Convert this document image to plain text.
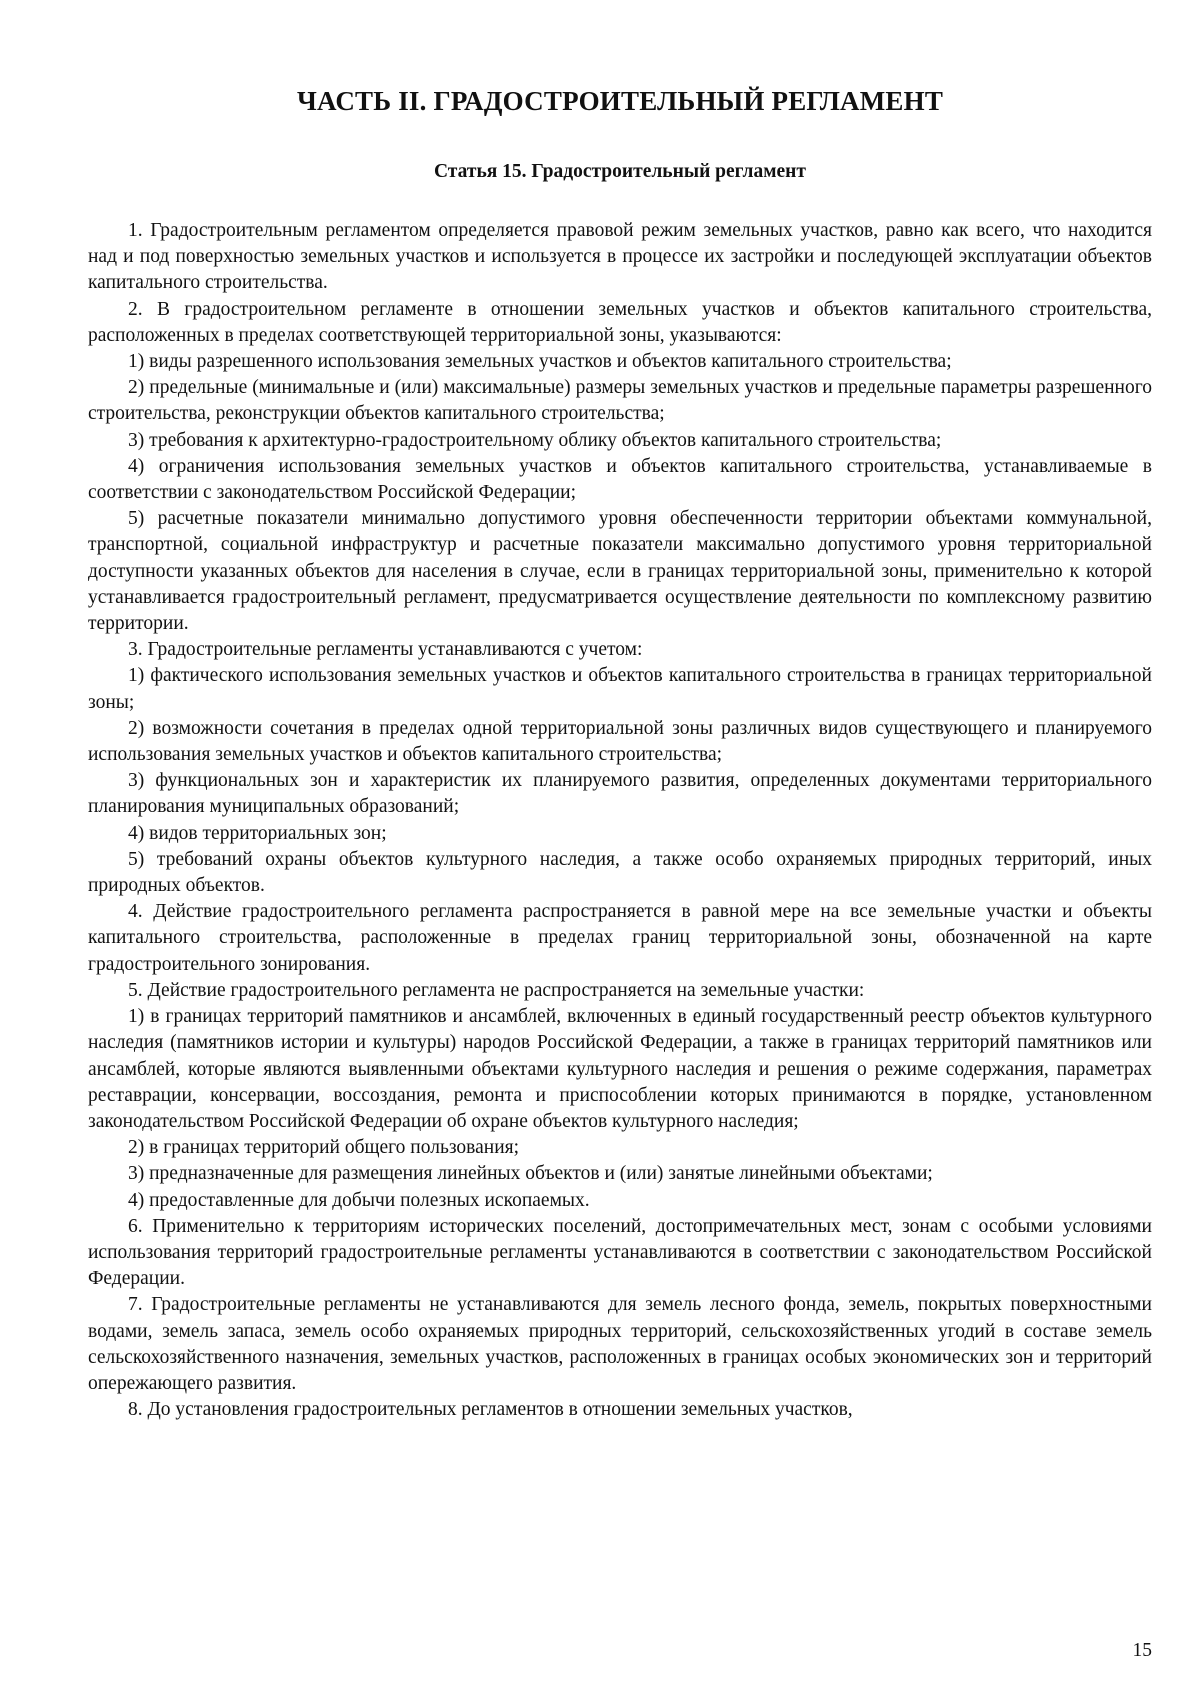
ЧАСТЬ II. ГРАДОСТРОИТЕЛЬНЫЙ РЕГЛАМЕНТ
Статья 15. Градостроительный регламент

1. Градостроительным регламентом определяется правовой режим земельных участков, равно как всего, что находится над и под поверхностью земельных участков и используется в процессе их застройки и последующей эксплуатации объектов капитального строительства.

2. В градостроительном регламенте в отношении земельных участков и объектов капитального строительства, расположенных в пределах соответствующей территориальной зоны, указываются:

1) виды разрешенного использования земельных участков и объектов капитального строительства;

2) предельные (минимальные и (или) максимальные) размеры земельных участков и предельные параметры разрешенного строительства, реконструкции объектов капитального строительства;

3) требования к архитектурно-градостроительному облику объектов капитального строительства;

4) ограничения использования земельных участков и объектов капитального строительства, устанавливаемые в соответствии с законодательством Российской Федерации;

5) расчетные показатели минимально допустимого уровня обеспеченности территории объектами коммунальной, транспортной, социальной инфраструктур и расчетные показатели максимально допустимого уровня территориальной доступности указанных объектов для населения в случае, если в границах территориальной зоны, применительно к которой устанавливается градостроительный регламент, предусматривается осуществление деятельности по комплексному развитию территории.

3. Градостроительные регламенты устанавливаются с учетом:

1) фактического использования земельных участков и объектов капитального строительства в границах территориальной зоны;

2) возможности сочетания в пределах одной территориальной зоны различных видов существующего и планируемого использования земельных участков и объектов капитального строительства;

3) функциональных зон и характеристик их планируемого развития, определенных документами территориального планирования муниципальных образований;

4) видов территориальных зон;

5) требований охраны объектов культурного наследия, а также особо охраняемых природных территорий, иных природных объектов.

4. Действие градостроительного регламента распространяется в равной мере на все земельные участки и объекты капитального строительства, расположенные в пределах границ территориальной зоны, обозначенной на карте градостроительного зонирования.

5. Действие градостроительного регламента не распространяется на земельные участки:

1) в границах территорий памятников и ансамблей, включенных в единый государственный реестр объектов культурного наследия (памятников истории и культуры) народов Российской Федерации, а также в границах территорий памятников или ансамблей, которые являются выявленными объектами культурного наследия и решения о режиме содержания, параметрах реставрации, консервации, воссоздания, ремонта и приспособлении которых принимаются в порядке, установленном законодательством Российской Федерации об охране объектов культурного наследия;

2) в границах территорий общего пользования;

3) предназначенные для размещения линейных объектов и (или) занятые линейными объектами;

4) предоставленные для добычи полезных ископаемых.

6. Применительно к территориям исторических поселений, достопримечательных мест, зонам с особыми условиями использования территорий градостроительные регламенты устанавливаются в соответствии с законодательством Российской Федерации.

7. Градостроительные регламенты не устанавливаются для земель лесного фонда, земель, покрытых поверхностными водами, земель запаса, земель особо охраняемых природных территорий, сельскохозяйственных угодий в составе земель сельскохозяйственного назначения, земельных участков, расположенных в границах особых экономических зон и территорий опережающего развития.

8. До установления градостроительных регламентов в отношении земельных участков,

15
